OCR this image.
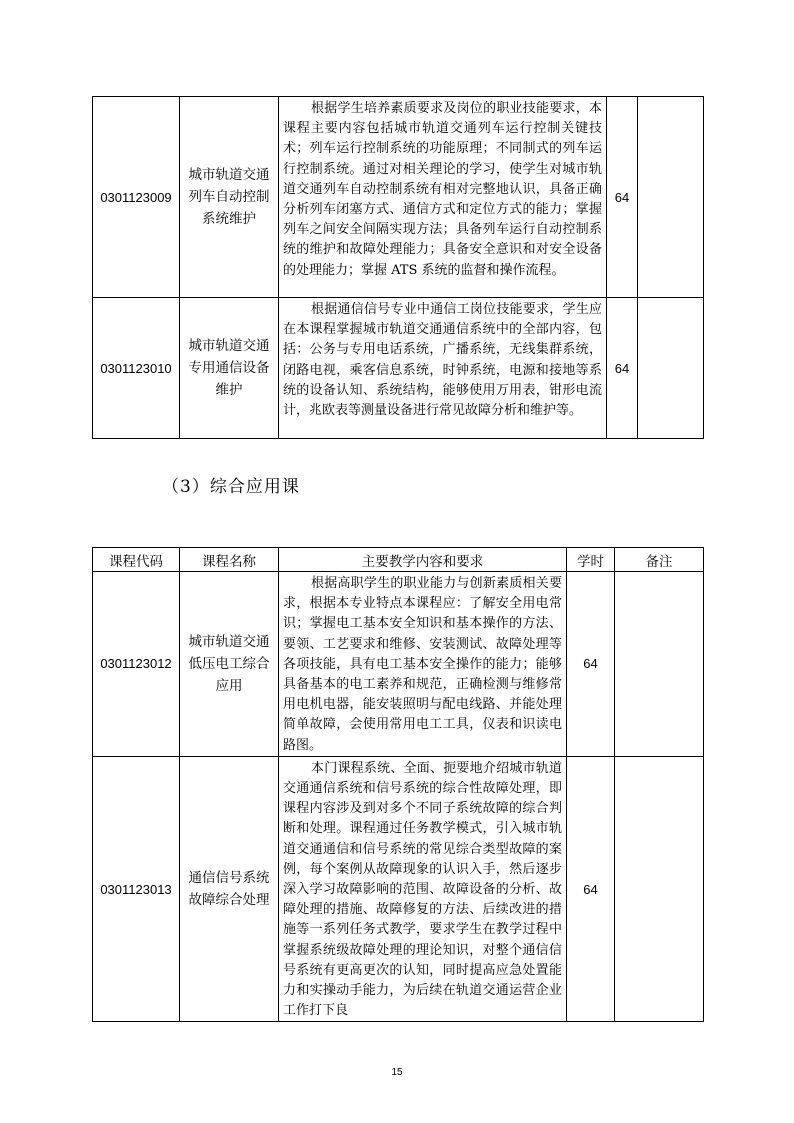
0301123009	城市轨道交通列车自动控制系统维护	根据学生培养素质要求及岗位的职业技能要求，本课程主要内容包括城市轨道交通列车运行控制关键技术；列车运行控制系统的功能原理；不同制式的列车运行控制系统。通过对相关理论的学习，使学生对城市轨道交通列车自动控制系统有相对完整地认识，具备正确分析列车闭塞方式、通信方式和定位方式的能力；掌握列车之间安全间隔实现方法；具备列车运行自动控制系统的维护和故障处理能力；具备安全意识和对安全设备的处理能力；掌握 ATS 系统的监督和操作流程。	64	
0301123010	城市轨道交通专用通信设备维护	根据通信信号专业中通信工岗位技能要求，学生应在本课程掌握城市轨道交通通信系统中的全部内容，包括：公务与专用电话系统，广播系统，无线集群系统，闭路电视，乘客信息系统，时钟系统，电源和接地等系统的设备认知、系统结构，能够使用万用表，钳形电流计，兆欧表等测量设备进行常见故障分析和维护等。	64	
（3）综合应用课
课程代码	课程名称	主要教学内容和要求	学时	备注
0301123012	城市轨道交通低压电工综合应用	根据高职学生的职业能力与创新素质相关要求，根据本专业特点本课程应：了解安全用电常识；掌握电工基本安全知识和基本操作的方法、要领、工艺要求和维修、安装测试、故障处理等各项技能，具有电工基本安全操作的能力；能够具备基本的电工素养和规范，正确检测与维修常用电机电器，能安装照明与配电线路、并能处理简单故障，会使用常用电工工具，仪表和识读电路图。	64	
0301123013	通信信号系统故障综合处理	本门课程系统、全面、扼要地介绍城市轨道交通通信系统和信号系统的综合性故障处理，即课程内容涉及到对多个不同子系统故障的综合判断和处理。课程通过任务教学模式，引入城市轨道交通通信和信号系统的常见综合类型故障的案例，每个案例从故障现象的认识入手，然后逐步深入学习故障影响的范围、故障设备的分析、故障处理的措施、故障修复的方法、后续改进的措施等一系列任务式教学，要求学生在教学过程中掌握系统级故障处理的理论知识，对整个通信信号系统有更高更次的认知，同时提高应急处置能力和实操动手能力，为后续在轨道交通运营企业工作打下良	64	
15
